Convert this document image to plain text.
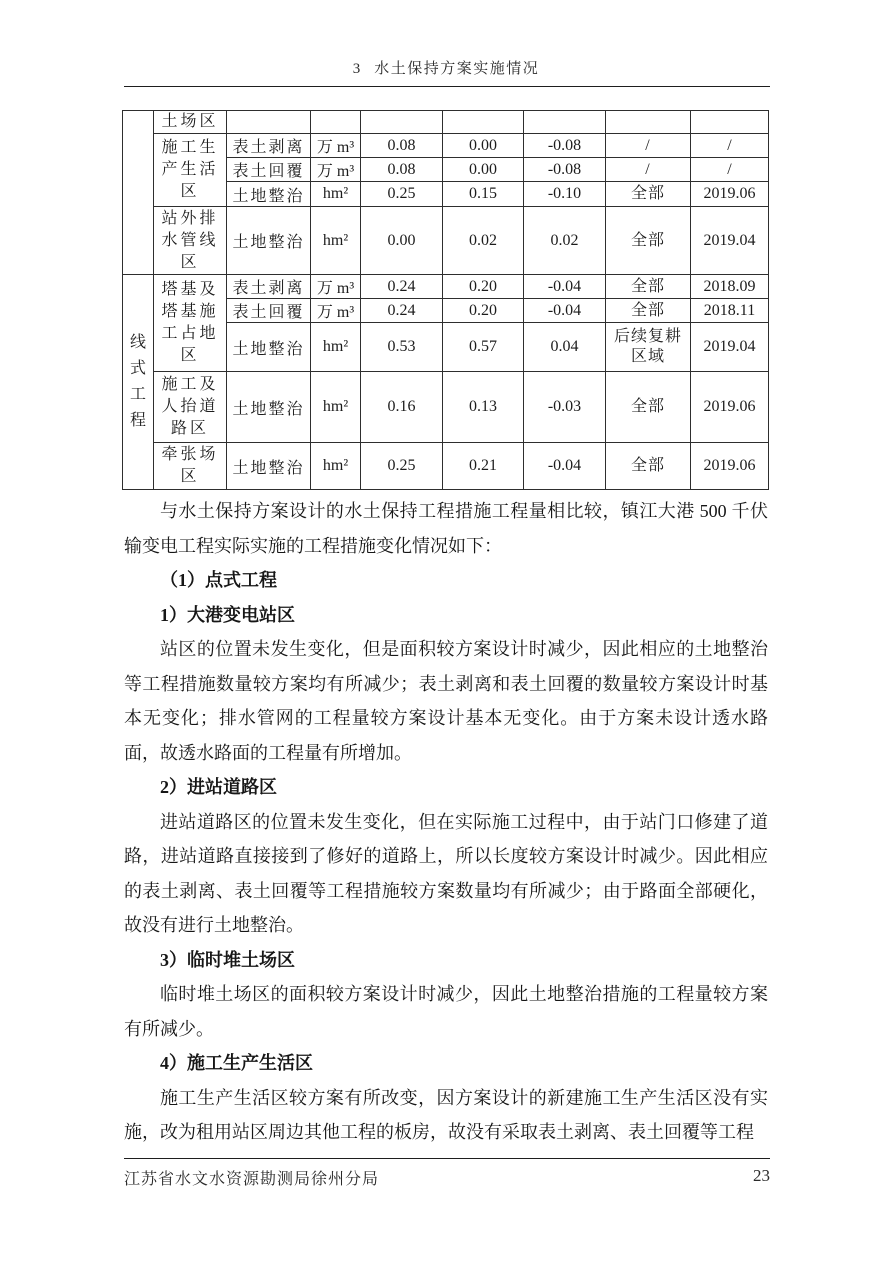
3 水土保持方案实施情况
	土场区							
	施工生产生活区	表土剥离	万 m³	0.08	0.00	-0.08	/	/
		表土回覆	万 m³	0.08	0.00	-0.08	/	/
		土地整治	hm²	0.25	0.15	-0.10	全部	2019.06
	站外排水管线区	土地整治	hm²	0.00	0.02	0.02	全部	2019.04
线式工程	塔基及塔基施工占地区	表土剥离	万 m³	0.24	0.20	-0.04	全部	2018.09
		表土回覆	万 m³	0.24	0.20	-0.04	全部	2018.11
		土地整治	hm²	0.53	0.57	0.04	后续复耕区域	2019.04
	施工及人抬道路区	土地整治	hm²	0.16	0.13	-0.03	全部	2019.06
	牵张场区	土地整治	hm²	0.25	0.21	-0.04	全部	2019.06

与水土保持方案设计的水土保持工程措施工程量相比较，镇江大港 500 千伏输变电工程实际实施的工程措施变化情况如下：

（1）点式工程

1）大港变电站区

站区的位置未发生变化，但是面积较方案设计时减少，因此相应的土地整治等工程措施数量较方案均有所减少；表土剥离和表土回覆的数量较方案设计时基本无变化；排水管网的工程量较方案设计基本无变化。由于方案未设计透水路面，故透水路面的工程量有所增加。

2）进站道路区

进站道路区的位置未发生变化，但在实际施工过程中，由于站门口修建了道路，进站道路直接接到了修好的道路上，所以长度较方案设计时减少。因此相应的表土剥离、表土回覆等工程措施较方案数量均有所减少；由于路面全部硬化，故没有进行土地整治。

3）临时堆土场区

临时堆土场区的面积较方案设计时减少，因此土地整治措施的工程量较方案有所减少。

4）施工生产生活区

施工生产生活区较方案有所改变，因方案设计的新建施工生产生活区没有实施，改为租用站区周边其他工程的板房，故没有采取表土剥离、表土回覆等工程

江苏省水文水资源勘测局徐州分局	23
